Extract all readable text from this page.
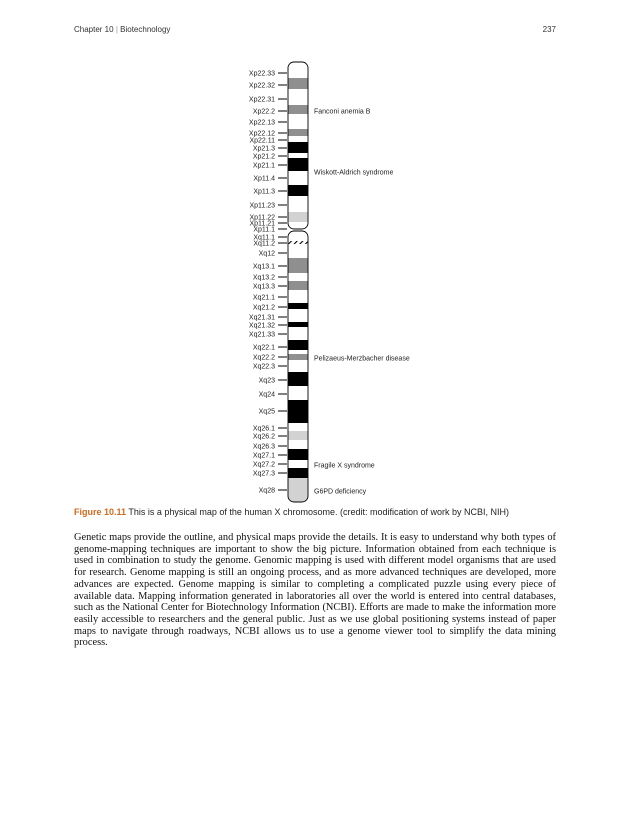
Chapter 10 | Biotechnology	237
Xp22.33
Xp22.32
Xp22.31
Xp22.2
Xp22.13
Xp22.12
Xp22.11
Xp21.3
Xp21.2
Xp21.1
Xp11.4
Xp11.3
Xp11.23
Xp11.22
Xp11.21
Xp11.1
Xq11.1
Xq11.2
Xq12
Xq13.1
Xq13.2
Xq13.3
Xq21.1
Xq21.2
Xq21.31
Xq21.32
Xq21.33
Xq22.1
Xq22.2
Xq22.3
Xq23
Xq24
Xq25
Xq26.1
Xq26.2
Xq26.3
Xq27.1
Xq27.2
Xq27.3
Xq28
Fanconi anemia B
Wiskott-Aldrich syndrome
Pelizaeus-Merzbacher disease
Fragile X syndrome
G6PD deficiency
Figure 10.11 This is a physical map of the human X chromosome. (credit: modification of work by NCBI, NIH)

Genetic maps provide the outline, and physical maps provide the details. It is easy to understand why both types of genome-mapping techniques are important to show the big picture. Information obtained from each technique is used in combination to study the genome. Genomic mapping is used with different model organisms that are used for research. Genome mapping is still an ongoing process, and as more advanced techniques are developed, more advances are expected. Genome mapping is similar to completing a complicated puzzle using every piece of available data. Mapping information generated in laboratories all over the world is entered into central databases, such as the National Center for Biotechnology Information (NCBI). Efforts are made to make the information more easily accessible to researchers and the general public. Just as we use global positioning systems instead of paper maps to navigate through roadways, NCBI allows us to use a genome viewer tool to simplify the data mining process.
